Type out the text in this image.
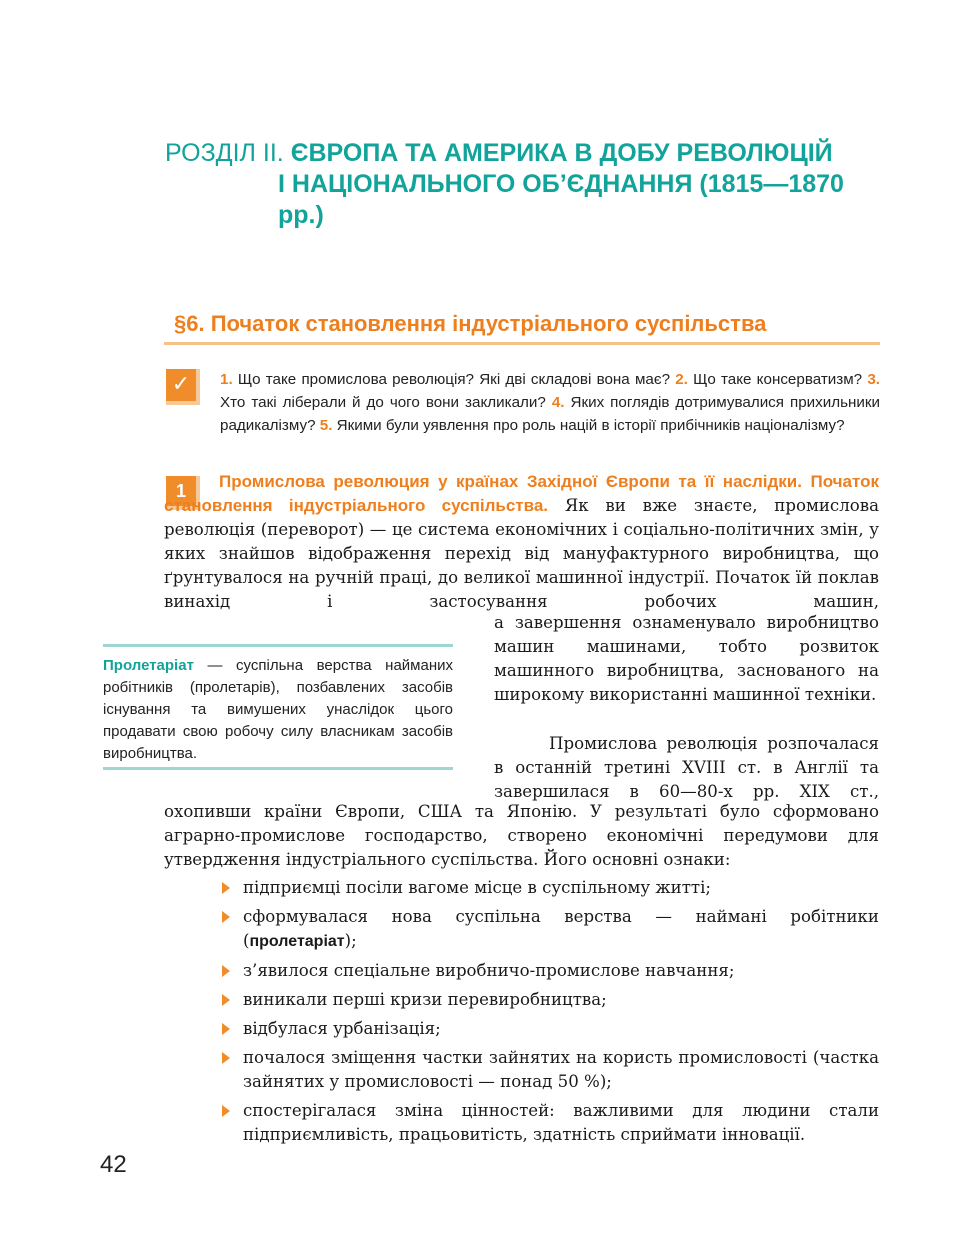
РОЗДІЛ II. ЄВРОПА ТА АМЕРИКА В ДОБУ РЕВОЛЮЦІЙ
І НАЦІОНАЛЬНОГО ОБ’ЄДНАННЯ (1815—1870 рр.)
§6. Початок становлення індустріального суспільства
✓	1. Що таке промислова революція? Які дві складові вона має? 2. Що таке консерватизм? 3. Хто такі ліберали й до чого вони закликали? 4. Яких поглядів дотримувалися прихильники радикалізму? 5. Якими були уявлення про роль націй в історії прибічників націоналізму?
1	Промислова революция у країнах Західної Європи та її наслідки. Початок становлення індустріального суспільства. Як ви вже знаєте, промислова революція (переворот) — це система економічних і соціально-політичних змін, у яких знайшов відображення перехід від мануфактурного виробництва, що ґрунтувалося на ручній праці, до великої машинної індустрії. Початок їй поклав винахід і застосування робочих машин,
а завершення ознаменувало виробництво машин машинами, тобто розвиток машинного виробництва, заснованого на широкому використанні машинної техніки.
Промислова революція розпочалася в останній третині XVIII ст. в Англії та завершилася в 60—80-х рр. XIX ст.,
Пролетаріат — суспільна верства найманих робітників (пролетарів), позбавлених засобів існування та вимушених унаслідок цього продавати свою робочу силу власникам засобів виробництва.
охопивши країни Європи, США та Японію. У результаті було сформовано аграрно-промислове господарство, створено економічні передумови для утвердження індустріального суспільства. Його основні ознаки:
підприємці посіли вагоме місце в суспільному житті;
сформувалася нова суспільна верства — наймані робітники (пролетаріат);
з’явилося спеціальне виробничо-промислове навчання;
виникали перші кризи перевиробництва;
відбулася урбанізація;
почалося зміщення частки зайнятих на користь промисловості (частка зайнятих у промисловості — понад 50 %);
спостерігалася зміна цінностей: важливими для людини стали підприємливість, працьовитість, здатність сприймати інновації.
42
